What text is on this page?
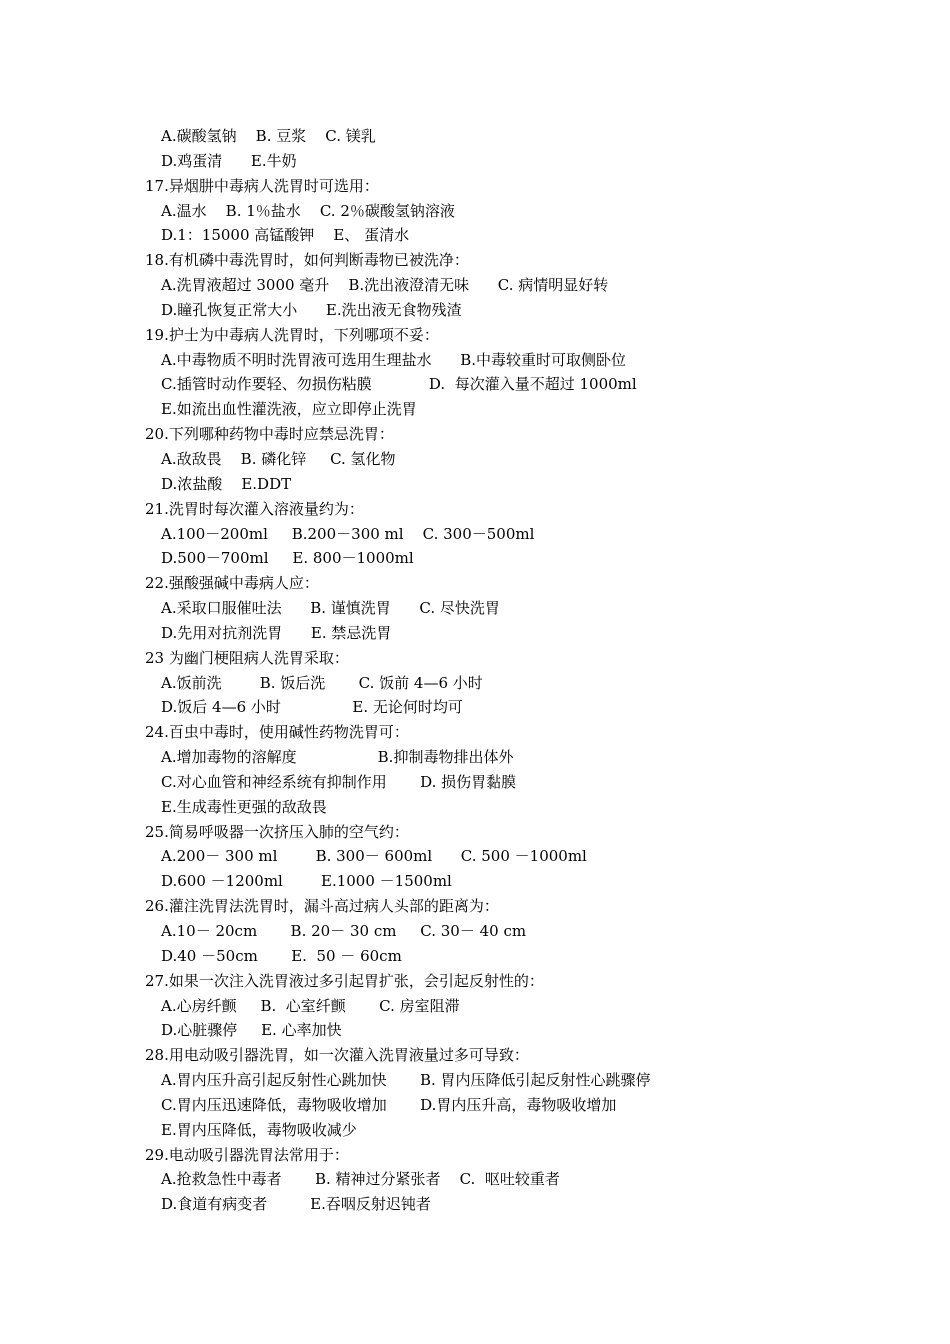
A.碳酸氢钠    B. 豆浆    C. 镁乳
D.鸡蛋清      E.牛奶
17.异烟肼中毒病人洗胃时可选用：
A.温水    B. 1％盐水    C. 2％碳酸氢钠溶液
D.1：15000 高锰酸钾    E、 蛋清水
18.有机磷中毒洗胃时，如何判断毒物已被洗净：
A.洗胃液超过 3000 毫升    B.洗出液澄清无味      C. 病情明显好转
D.瞳孔恢复正常大小      E.洗出液无食物残渣
19.护士为中毒病人洗胃时，下列哪项不妥：
A.中毒物质不明时洗胃液可选用生理盐水      B.中毒较重时可取侧卧位
C.插管时动作要轻、勿损伤粘膜            D.  每次灌入量不超过 1000ml
E.如流出血性灌洗液，应立即停止洗胃
20.下列哪种药物中毒时应禁忌洗胃：
A.敌敌畏    B. 磷化锌     C. 氢化物
D.浓盐酸    E.DDT
21.洗胃时每次灌入溶液量约为：
A.100－200ml     B.200－300 ml    C. 300－500ml
D.500－700ml     E. 800－1000ml
22.强酸强碱中毒病人应：
A.采取口服催吐法      B. 谨慎洗胃      C. 尽快洗胃
D.先用对抗剂洗胃      E. 禁忌洗胃
23 为幽门梗阻病人洗胃采取：
A.饭前洗        B. 饭后洗       C. 饭前 4—6 小时
D.饭后 4—6 小时               E. 无论何时均可
24.百虫中毒时，使用碱性药物洗胃可：
A.增加毒物的溶解度                 B.抑制毒物排出体外
C.对心血管和神经系统有抑制作用       D. 损伤胃黏膜
E.生成毒性更强的敌敌畏
25.简易呼吸器一次挤压入肺的空气约：
A.200－ 300 ml        B. 300－ 600ml      C. 500 －1000ml
D.600 －1200ml        E.1000 －1500ml
26.灌注洗胃法洗胃时，漏斗高过病人头部的距离为：
A.10－ 20cm       B. 20－ 30 cm     C. 30－ 40 cm
D.40 －50cm       E.  50 － 60cm
27.如果一次注入洗胃液过多引起胃扩张，会引起反射性的：
A.心房纤颤     B.  心室纤颤       C. 房室阻滞
D.心脏骤停     E. 心率加快
28.用电动吸引器洗胃，如一次灌入洗胃液量过多可导致：
A.胃内压升高引起反射性心跳加快       B. 胃内压降低引起反射性心跳骤停
C.胃内压迅速降低，毒物吸收增加       D.胃内压升高，毒物吸收增加
E.胃内压降低，毒物吸收减少
29.电动吸引器洗胃法常用于：
A.抢救急性中毒者       B. 精神过分紧张者    C.  呕吐较重者
D.食道有病变者         E.吞咽反射迟钝者
